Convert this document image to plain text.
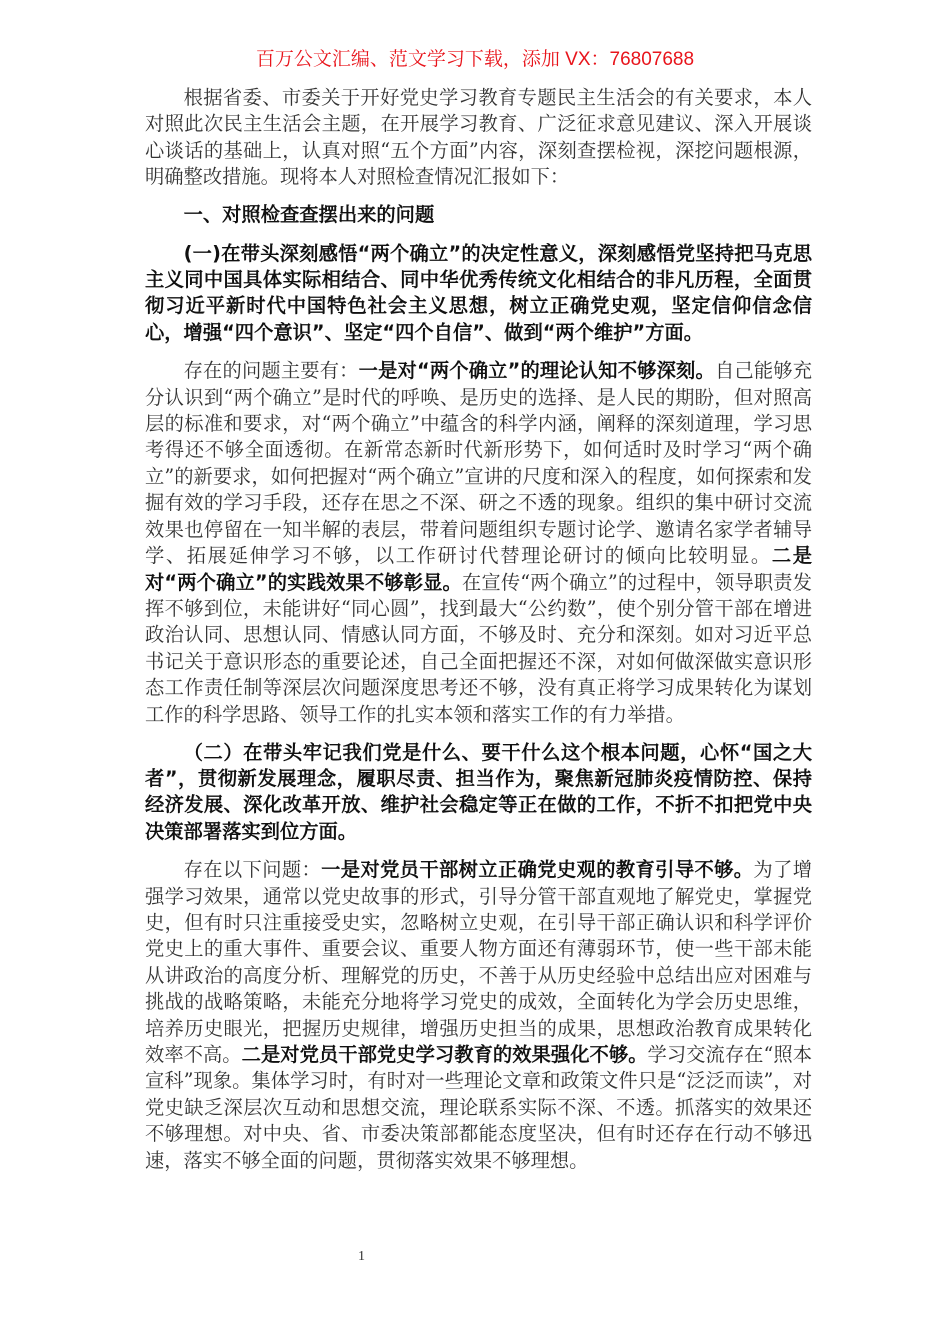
百万公文汇编、范文学习下载，添加 VX：76807688

根据省委、市委关于开好党史学习教育专题民主生活会的有关要求，本人对照此次民主生活会主题，在开展学习教育、广泛征求意见建议、深入开展谈心谈话的基础上，认真对照“五个方面”内容，深刻查摆检视，深挖问题根源，明确整改措施。现将本人对照检查情况汇报如下：

一、对照检查查摆出来的问题

(一)在带头深刻感悟“两个确立”的决定性意义，深刻感悟党坚持把马克思主义同中国具体实际相结合、同中华优秀传统文化相结合的非凡历程，全面贯彻习近平新时代中国特色社会主义思想，树立正确党史观，坚定信仰信念信心，增强“四个意识”、坚定“四个自信”、做到“两个维护”方面。

存在的问题主要有：一是对“两个确立”的理论认知不够深刻。自己能够充分认识到“两个确立”是时代的呼唤、是历史的选择、是人民的期盼，但对照高层的标准和要求，对“两个确立”中蕴含的科学内涵，阐释的深刻道理，学习思考得还不够全面透彻。在新常态新时代新形势下，如何适时及时学习“两个确立”的新要求，如何把握对“两个确立”宣讲的尺度和深入的程度，如何探索和发掘有效的学习手段，还存在思之不深、研之不透的现象。组织的集中研讨交流效果也停留在一知半解的表层，带着问题组织专题讨论学、邀请名家学者辅导学、拓展延伸学习不够，以工作研讨代替理论研讨的倾向比较明显。二是对“两个确立”的实践效果不够彰显。在宣传“两个确立”的过程中，领导职责发挥不够到位，未能讲好“同心圆”，找到最大“公约数”，使个别分管干部在增进政治认同、思想认同、情感认同方面，不够及时、充分和深刻。如对习近平总书记关于意识形态的重要论述，自己全面把握还不深，对如何做深做实意识形态工作责任制等深层次问题深度思考还不够，没有真正将学习成果转化为谋划工作的科学思路、领导工作的扎实本领和落实工作的有力举措。

（二）在带头牢记我们党是什么、要干什么这个根本问题，心怀“国之大者”，贯彻新发展理念，履职尽责、担当作为，聚焦新冠肺炎疫情防控、保持经济发展、深化改革开放、维护社会稳定等正在做的工作，不折不扣把党中央决策部署落实到位方面。

存在以下问题：一是对党员干部树立正确党史观的教育引导不够。为了增强学习效果，通常以党史故事的形式，引导分管干部直观地了解党史，掌握党史，但有时只注重接受史实，忽略树立史观，在引导干部正确认识和科学评价党史上的重大事件、重要会议、重要人物方面还有薄弱环节，使一些干部未能从讲政治的高度分析、理解党的历史，不善于从历史经验中总结出应对困难与挑战的战略策略，未能充分地将学习党史的成效，全面转化为学会历史思维，培养历史眼光，把握历史规律，增强历史担当的成果，思想政治教育成果转化效率不高。二是对党员干部党史学习教育的效果强化不够。学习交流存在“照本宣科”现象。集体学习时，有时对一些理论文章和政策文件只是“泛泛而读”，对党史缺乏深层次互动和思想交流，理论联系实际不深、不透。抓落实的效果还不够理想。对中央、省、市委决策部都能态度坚决，但有时还存在行动不够迅速，落实不够全面的问题，贯彻落实效果不够理想。

1
